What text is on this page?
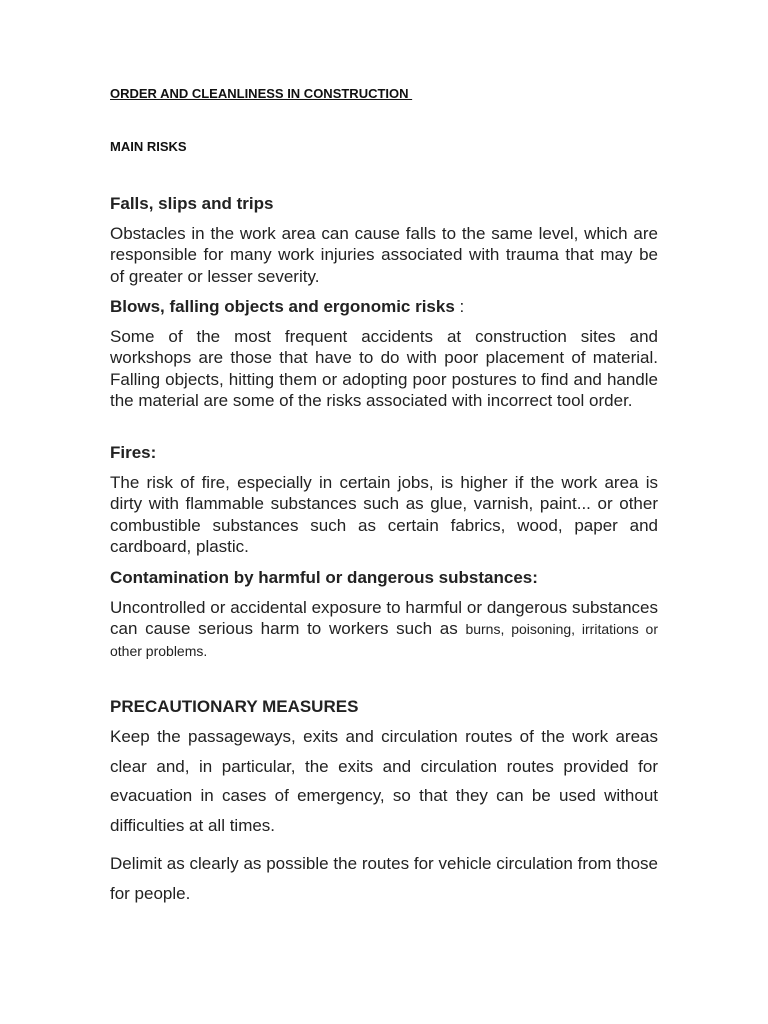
ORDER AND CLEANLINESS IN CONSTRUCTION

MAIN RISKS

Falls, slips and trips

Obstacles in the work area can cause falls to the same level, which are responsible for many work injuries associated with trauma that may be of greater or lesser severity.

Blows, falling objects and ergonomic risks :

Some of the most frequent accidents at construction sites and workshops are those that have to do with poor placement of material. Falling objects, hitting them or adopting poor postures to find and handle the material are some of the risks associated with incorrect tool order.

Fires:

The risk of fire, especially in certain jobs, is higher if the work area is dirty with flammable substances such as glue, varnish, paint... or other combustible substances such as certain fabrics, wood, paper and cardboard, plastic.

Contamination by harmful or dangerous substances:

Uncontrolled or accidental exposure to harmful or dangerous substances can cause serious harm to workers such as burns, poisoning, irritations or other problems.

PRECAUTIONARY MEASURES

Keep the passageways, exits and circulation routes of the work areas clear and, in particular, the exits and circulation routes provided for evacuation in cases of emergency, so that they can be used without difficulties at all times.

Delimit as clearly as possible the routes for vehicle circulation from those for people.
